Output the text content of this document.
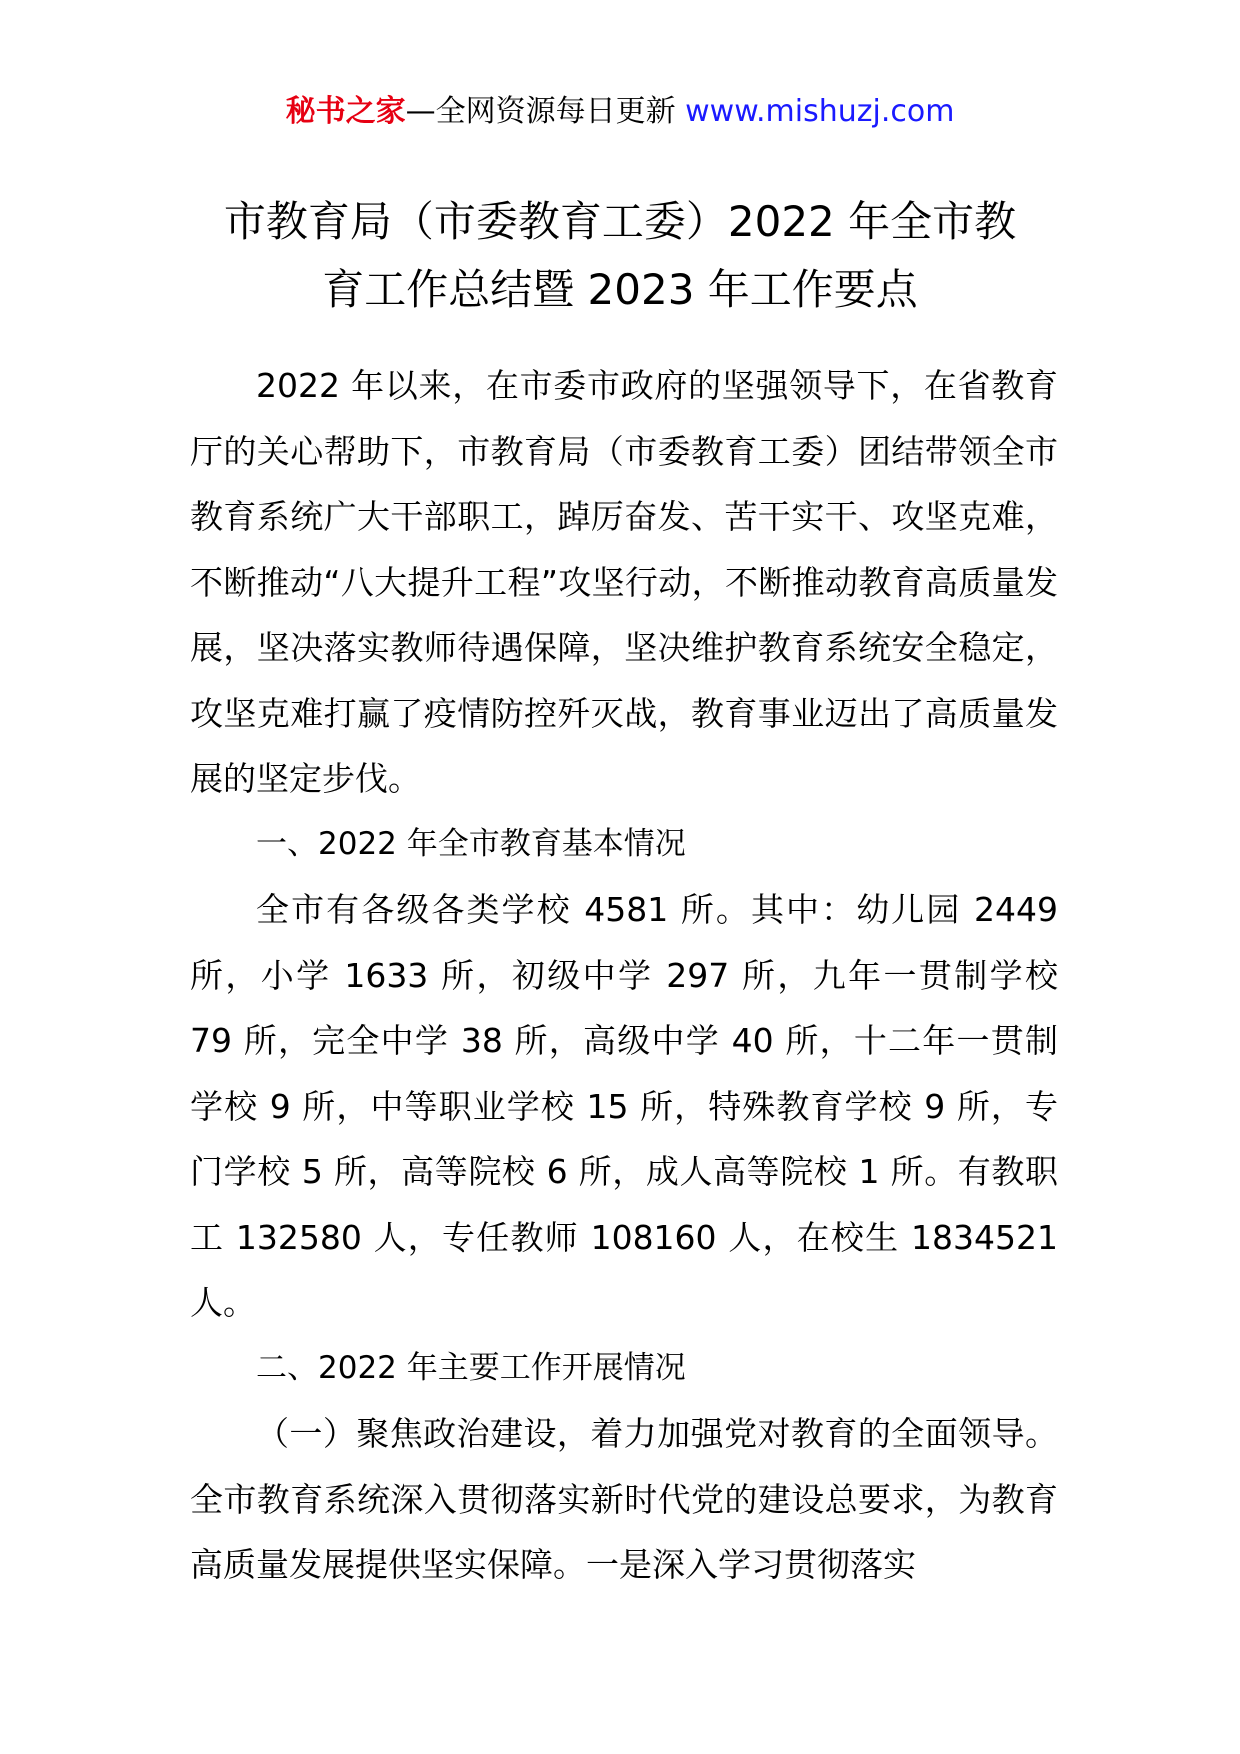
秘书之家—全网资源每日更新 www.mishuzj.com
市教育局（市委教育工委）2022 年全市教
育工作总结暨 2023 年工作要点

2022 年以来，在市委市政府的坚强领导下，在省教育厅的关心帮助下，市教育局（市委教育工委）团结带领全市教育系统广大干部职工，踔厉奋发、苦干实干、攻坚克难，不断推动“八大提升工程”攻坚行动，不断推动教育高质量发展，坚决落实教师待遇保障，坚决维护教育系统安全稳定，攻坚克难打赢了疫情防控歼灭战，教育事业迈出了高质量发展的坚定步伐。

一、2022 年全市教育基本情况

全市有各级各类学校 4581 所。其中：幼儿园 2449 所，小学 1633 所，初级中学 297 所，九年一贯制学校 79 所，完全中学 38 所，高级中学 40 所，十二年一贯制学校 9 所，中等职业学校 15 所，特殊教育学校 9 所，专门学校 5 所，高等院校 6 所，成人高等院校 1 所。有教职工 132580 人，专任教师 108160 人，在校生 1834521 人。

二、2022 年主要工作开展情况

（一）聚焦政治建设，着力加强党对教育的全面领导。全市教育系统深入贯彻落实新时代党的建设总要求，为教育高质量发展提供坚实保障。一是深入学习贯彻落实
